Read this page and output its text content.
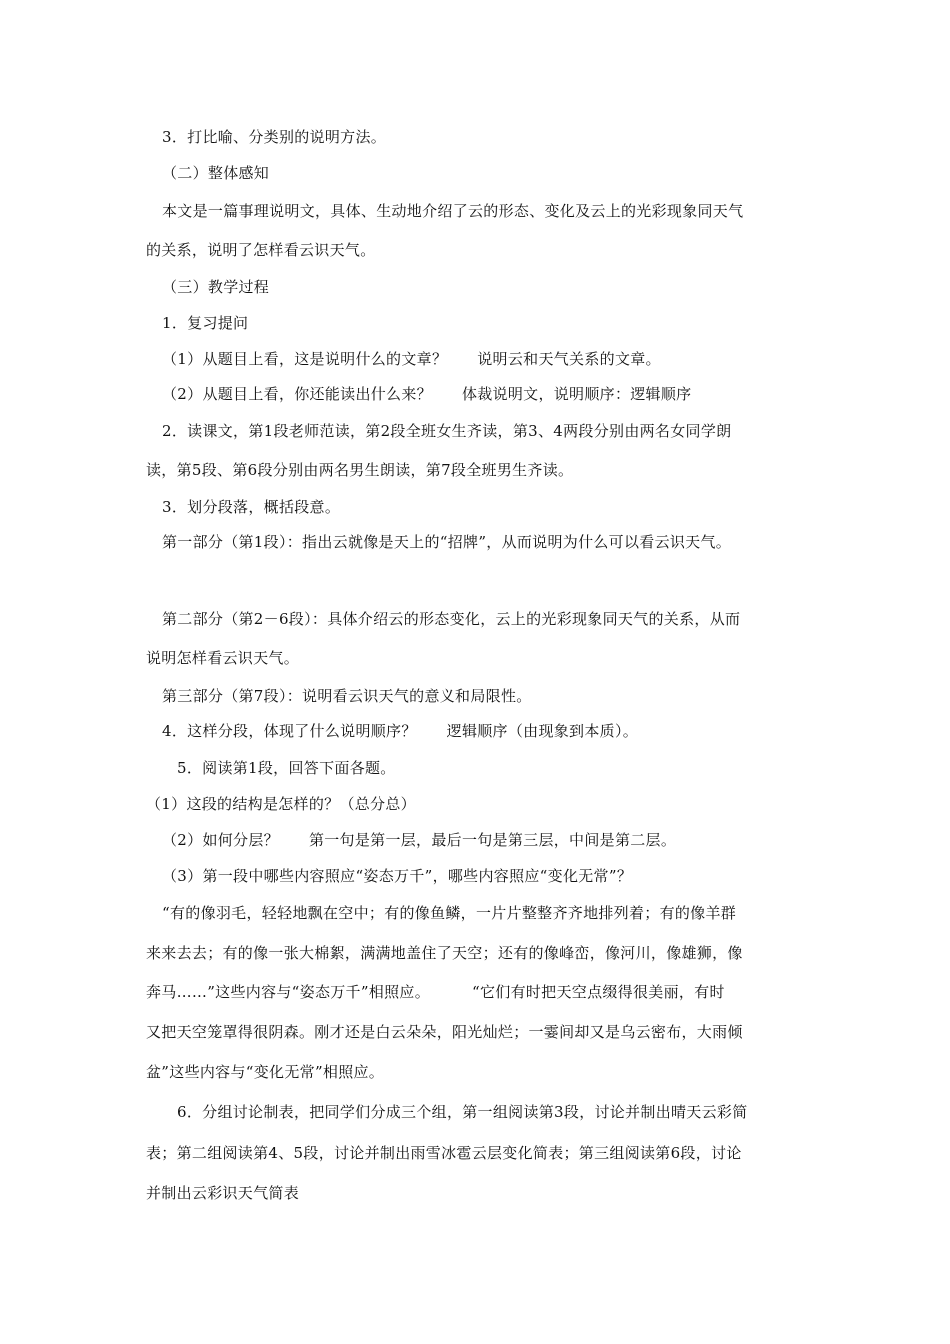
3．打比喻、分类别的说明方法。
（二）整体感知
本文是一篇事理说明文，具体、生动地介绍了云的形态、变化及云上的光彩现象同天气
的关系，说明了怎样看云识天气。
（三）教学过程
1．复习提问
（1）从题目上看，这是说明什么的文章？ 说明云和天气关系的文章。
（2）从题目上看，你还能读出什么来？ 体裁说明文，说明顺序：逻辑顺序
2．读课文，第1段老师范读，第2段全班女生齐读，第3、4两段分别由两名女同学朗
读，第5段、第6段分别由两名男生朗读，第7段全班男生齐读。
3．划分段落，概括段意。
第一部分（第1段）：指出云就像是天上的“招牌”，从而说明为什么可以看云识天气。
第二部分（第2－6段）：具体介绍云的形态变化，云上的光彩现象同天气的关系，从而
说明怎样看云识天气。
第三部分（第7段）：说明看云识天气的意义和局限性。
4．这样分段，体现了什么说明顺序？ 逻辑顺序（由现象到本质）。
5．阅读第1段，回答下面各题。
（1）这段的结构是怎样的？（总分总）
（2）如何分层？ 第一句是第一层，最后一句是第三层，中间是第二层。
（3）第一段中哪些内容照应“姿态万千”，哪些内容照应“变化无常”？
“有的像羽毛，轻轻地飘在空中；有的像鱼鳞，一片片整整齐齐地排列着；有的像羊群
来来去去；有的像一张大棉絮，满满地盖住了天空；还有的像峰峦，像河川，像雄狮，像
奔马……”这些内容与“姿态万千”相照应。	“它们有时把天空点缀得很美丽，有时
又把天空笼罩得很阴森。刚才还是白云朵朵，阳光灿烂；一霎间却又是乌云密布，大雨倾
盆”这些内容与“变化无常”相照应。
6．分组讨论制表，把同学们分成三个组，第一组阅读第3段，讨论并制出晴天云彩简
表；第二组阅读第4、5段，讨论并制出雨雪冰雹云层变化简表；第三组阅读第6段，讨论
并制出云彩识天气简表
